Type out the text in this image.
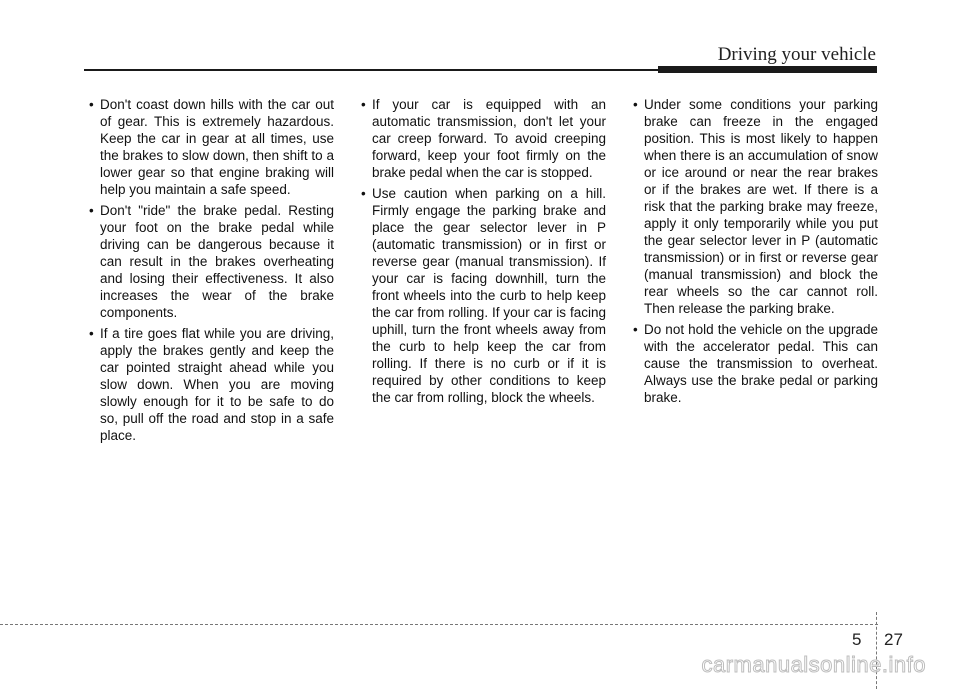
Driving your vehicle
• Don't coast down hills with the car out of gear. This is extremely hazardous. Keep the car in gear at all times, use the brakes to slow down, then shift to a lower gear so that engine braking will help you maintain a safe speed.
• Don't "ride" the brake pedal. Resting your foot on the brake pedal while driving can be dangerous because it can result in the brakes overheating and losing their effectiveness. It also increases the wear of the brake components.
• If a tire goes flat while you are driving, apply the brakes gently and keep the car pointed straight ahead while you slow down. When you are moving slowly enough for it to be safe to do so, pull off the road and stop in a safe place.
• If your car is equipped with an automatic transmission, don't let your car creep forward. To avoid creeping forward, keep your foot firmly on the brake pedal when the car is stopped.
• Use caution when parking on a hill. Firmly engage the parking brake and place the gear selector lever in P (automatic transmission) or in first or reverse gear (manual transmission). If your car is facing downhill, turn the front wheels into the curb to help keep the car from rolling. If your car is facing uphill, turn the front wheels away from the curb to help keep the car from rolling. If there is no curb or if it is required by other conditions to keep the car from rolling, block the wheels.
• Under some conditions your parking brake can freeze in the engaged position. This is most likely to happen when there is an accumulation of snow or ice around or near the rear brakes or if the brakes are wet. If there is a risk that the parking brake may freeze, apply it only temporarily while you put the gear selector lever in P (automatic transmission) or in first or reverse gear (manual transmission) and block the rear wheels so the car cannot roll. Then release the parking brake.
• Do not hold the vehicle on the upgrade with the accelerator pedal. This can cause the transmission to overheat. Always use the brake pedal or parking brake.
5 27
carmanualsonline.info
